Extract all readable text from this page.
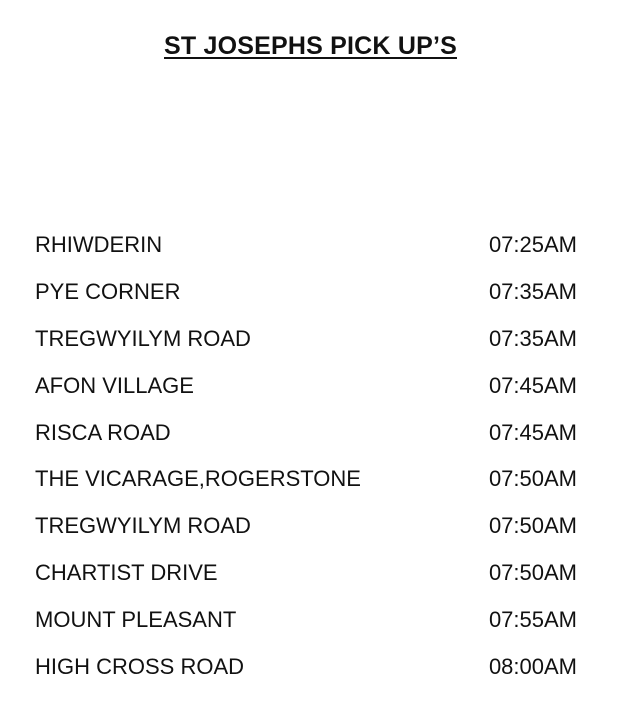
ST JOSEPHS PICK UP’S
RHIWDERIN	07:25AM
PYE CORNER	07:35AM
TREGWYILYM ROAD	07:35AM
AFON VILLAGE	07:45AM
RISCA ROAD	07:45AM
THE VICARAGE,ROGERSTONE	07:50AM
TREGWYILYM ROAD	07:50AM
CHARTIST DRIVE	07:50AM
MOUNT PLEASANT	07:55AM
HIGH CROSS ROAD	08:00AM
